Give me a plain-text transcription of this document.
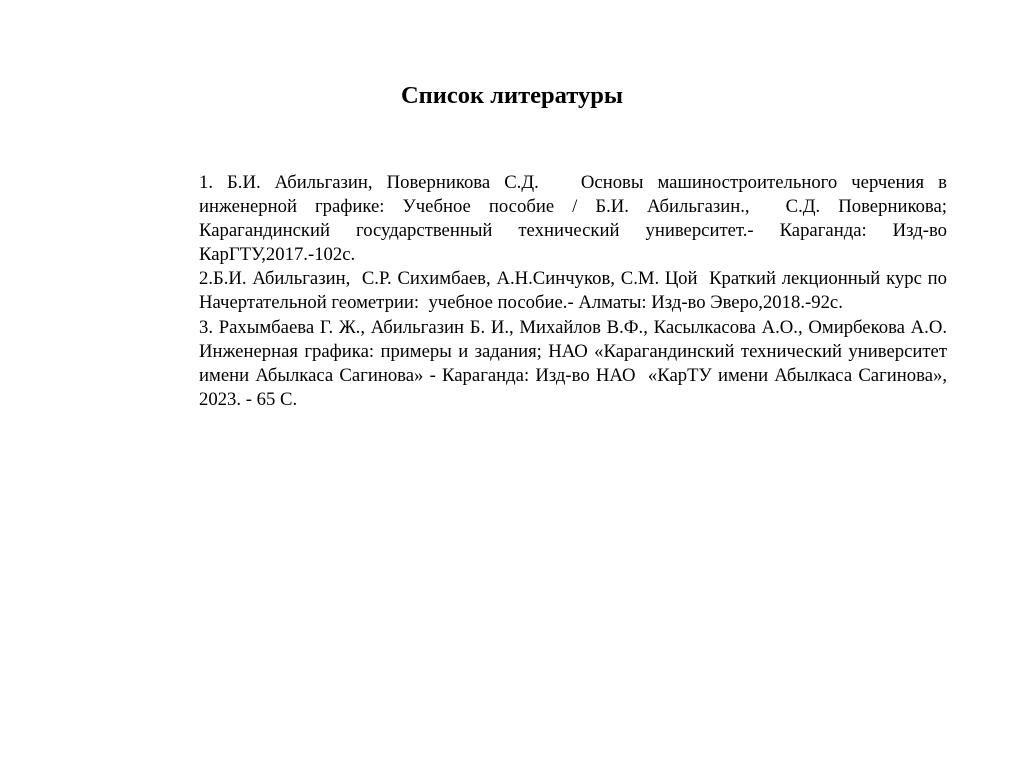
Список литературы

1. Б.И. Абильгазин, Поверникова С.Д.   Основы машиностроительного черчения в инженерной графике: Учебное пособие / Б.И. Абильгазин.,  С.Д. Поверникова; Карагандинский государственный технический университет.- Караганда: Изд-во КарГТУ,2017.-102с.

2.Б.И. Абильгазин,  С.Р. Сихимбаев, А.Н.Синчуков, С.М. Цой  Краткий лекционный курс по Начертательной геометрии:  учебное пособие.- Алматы: Изд-во Эверо,2018.-92с.

3. Рахымбаева Г. Ж., Абильгазин Б. И., Михайлов В.Ф., Касылкасова А.О., Омирбекова А.О. Инженерная графика: примеры и задания; НАО «Карагандинский технический университет имени Абылкаса Сагинова» - Караганда: Изд-во НАО  «КарТУ имени Абылкаса Сагинова», 2023. - 65 С.
